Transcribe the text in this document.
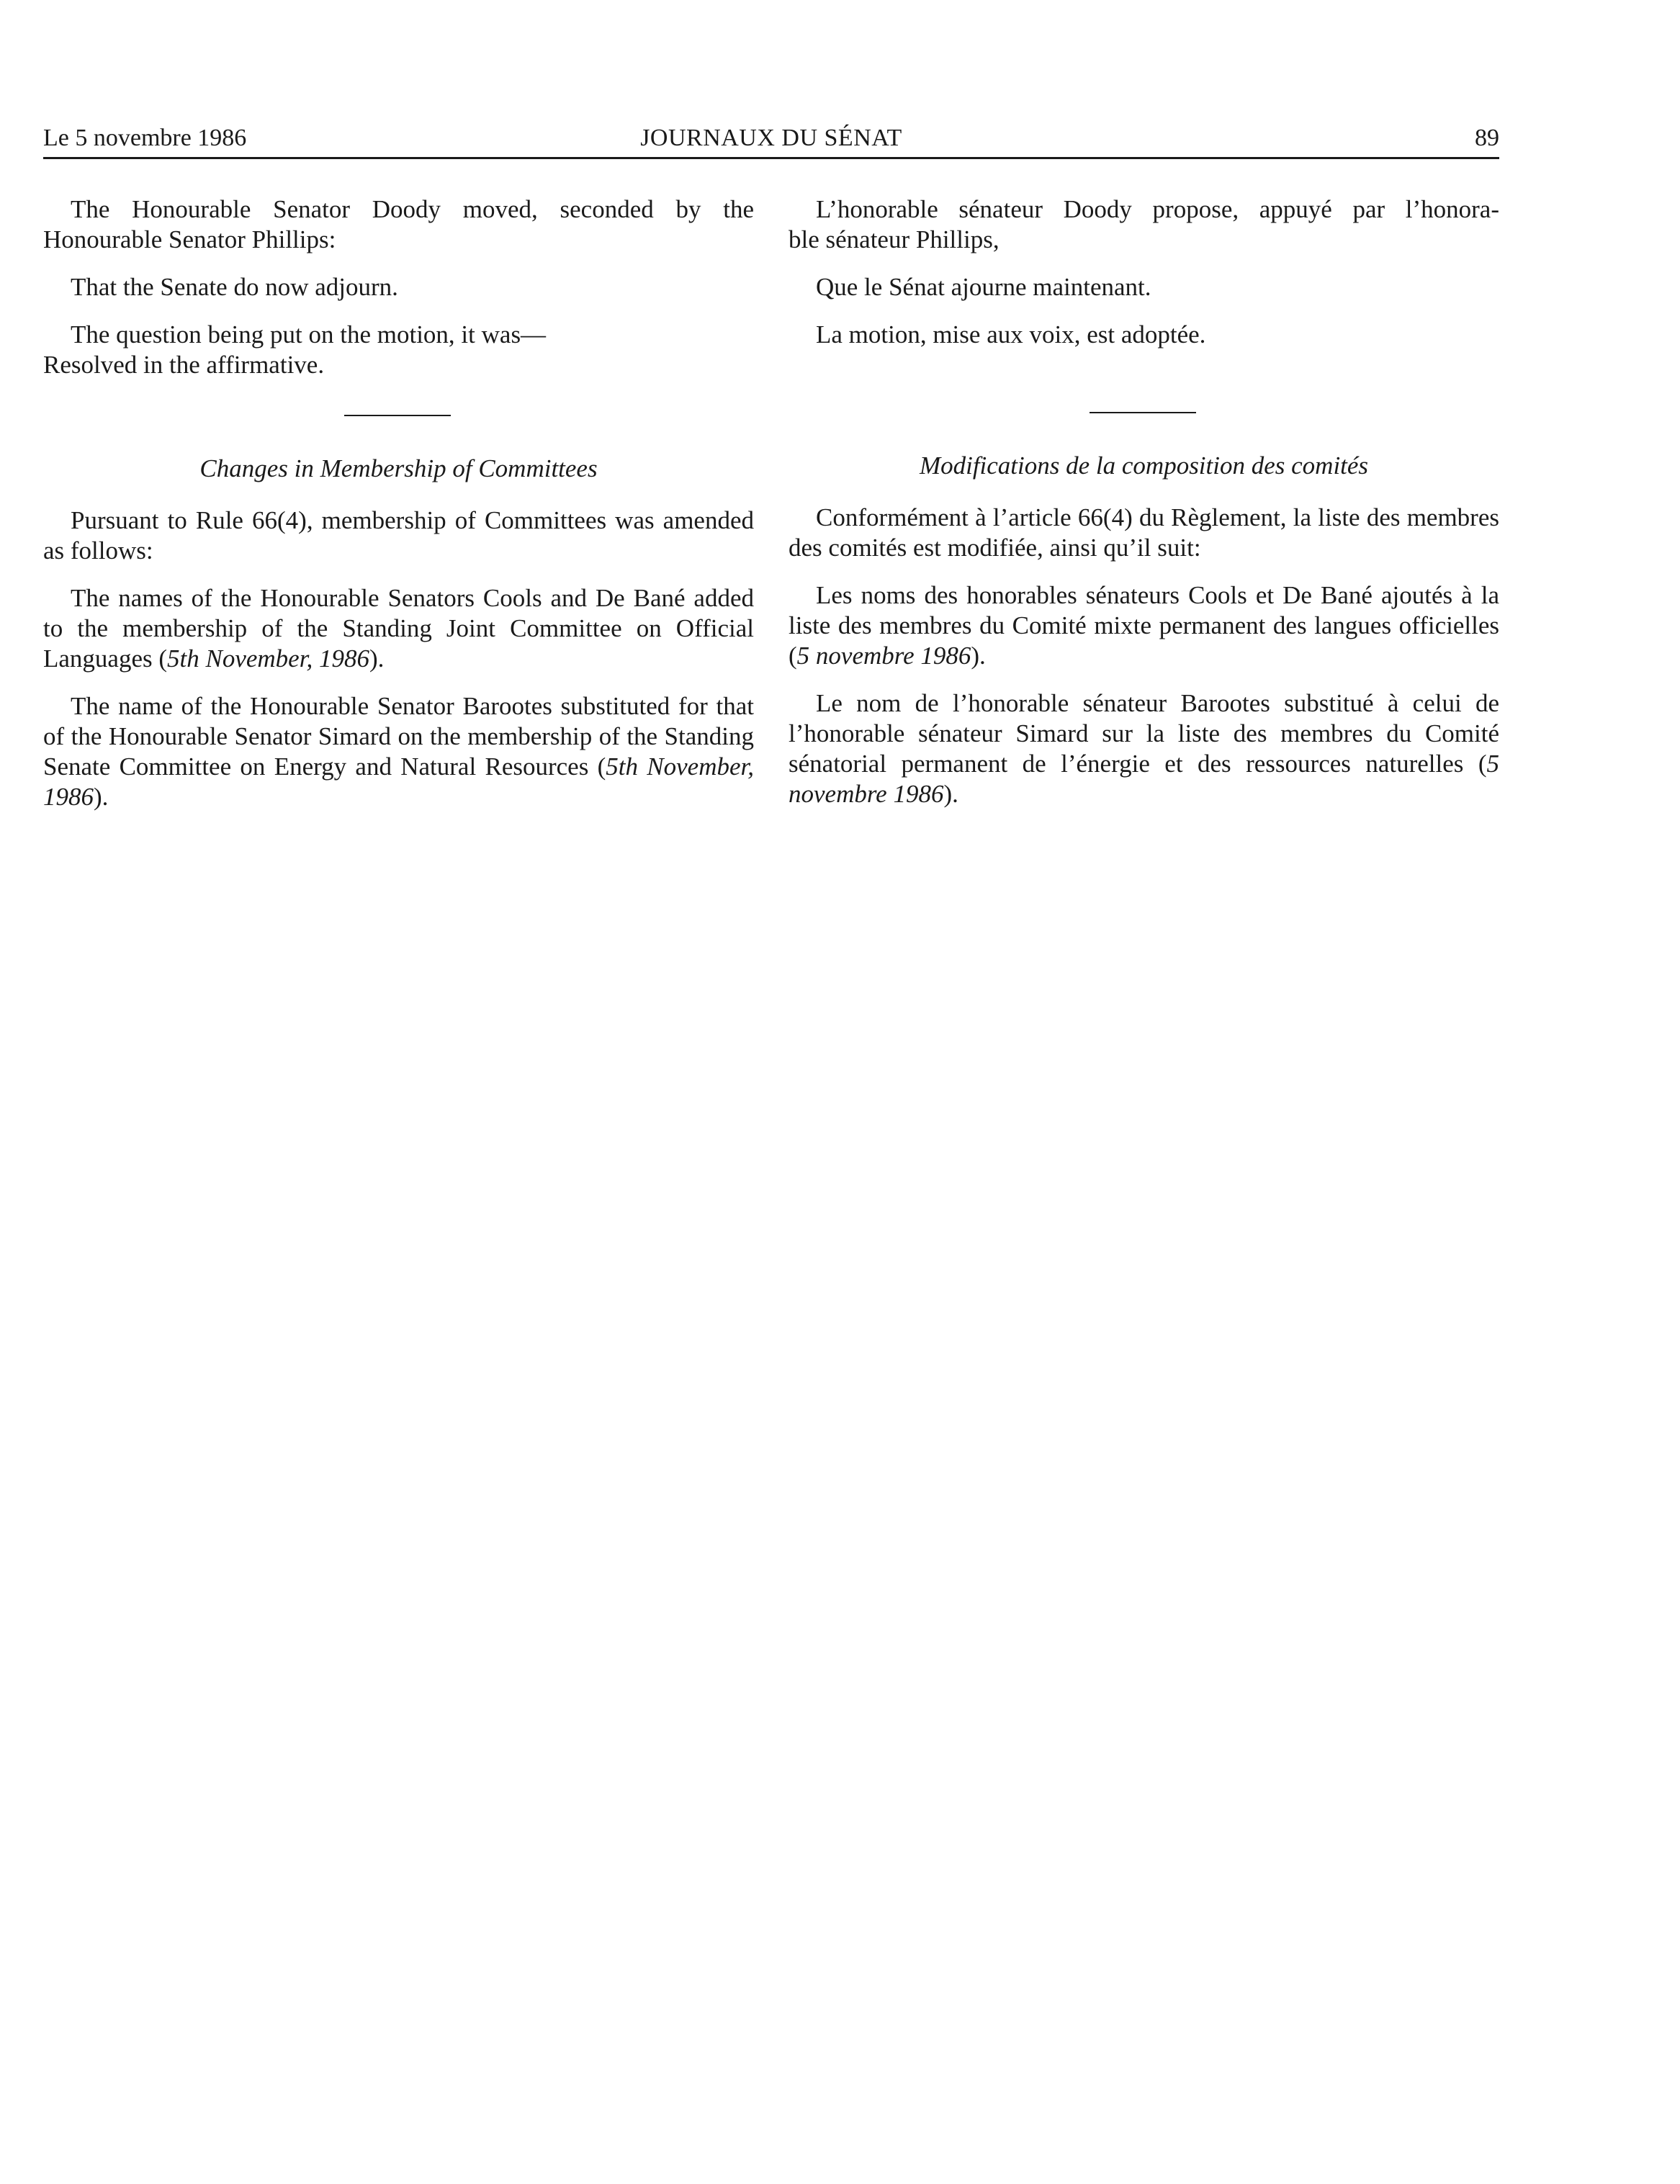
Le 5 novembre 1986	JOURNAUX DU SÉNAT	89

The Honourable Senator Doody moved, seconded by the
Honourable Senator Phillips:

That the Senate do now adjourn.

The question being put on the motion, it was—
Resolved in the affirmative.

Changes in Membership of Committees

Pursuant to Rule 66(4), membership of Committees was amended as follows:

The names of the Honourable Senators Cools and De Bané added to the membership of the Standing Joint Committee on Official Languages (5th November, 1986).

The name of the Honourable Senator Barootes substituted for that of the Honourable Senator Simard on the membership of the Standing Senate Committee on Energy and Natural Resources (5th November, 1986).

L’honorable sénateur Doody propose, appuyé par l’honora-
ble sénateur Phillips,

Que le Sénat ajourne maintenant.

La motion, mise aux voix, est adoptée.

Modifications de la composition des comités

Conformément à l’article 66(4) du Règlement, la liste des membres des comités est modifiée, ainsi qu’il suit:

Les noms des honorables sénateurs Cools et De Bané ajoutés à la liste des membres du Comité mixte permanent des langues officielles (5 novembre 1986).

Le nom de l’honorable sénateur Barootes substitué à celui de l’honorable sénateur Simard sur la liste des membres du Comité sénatorial permanent de l’énergie et des ressources naturelles (5 novembre 1986).
